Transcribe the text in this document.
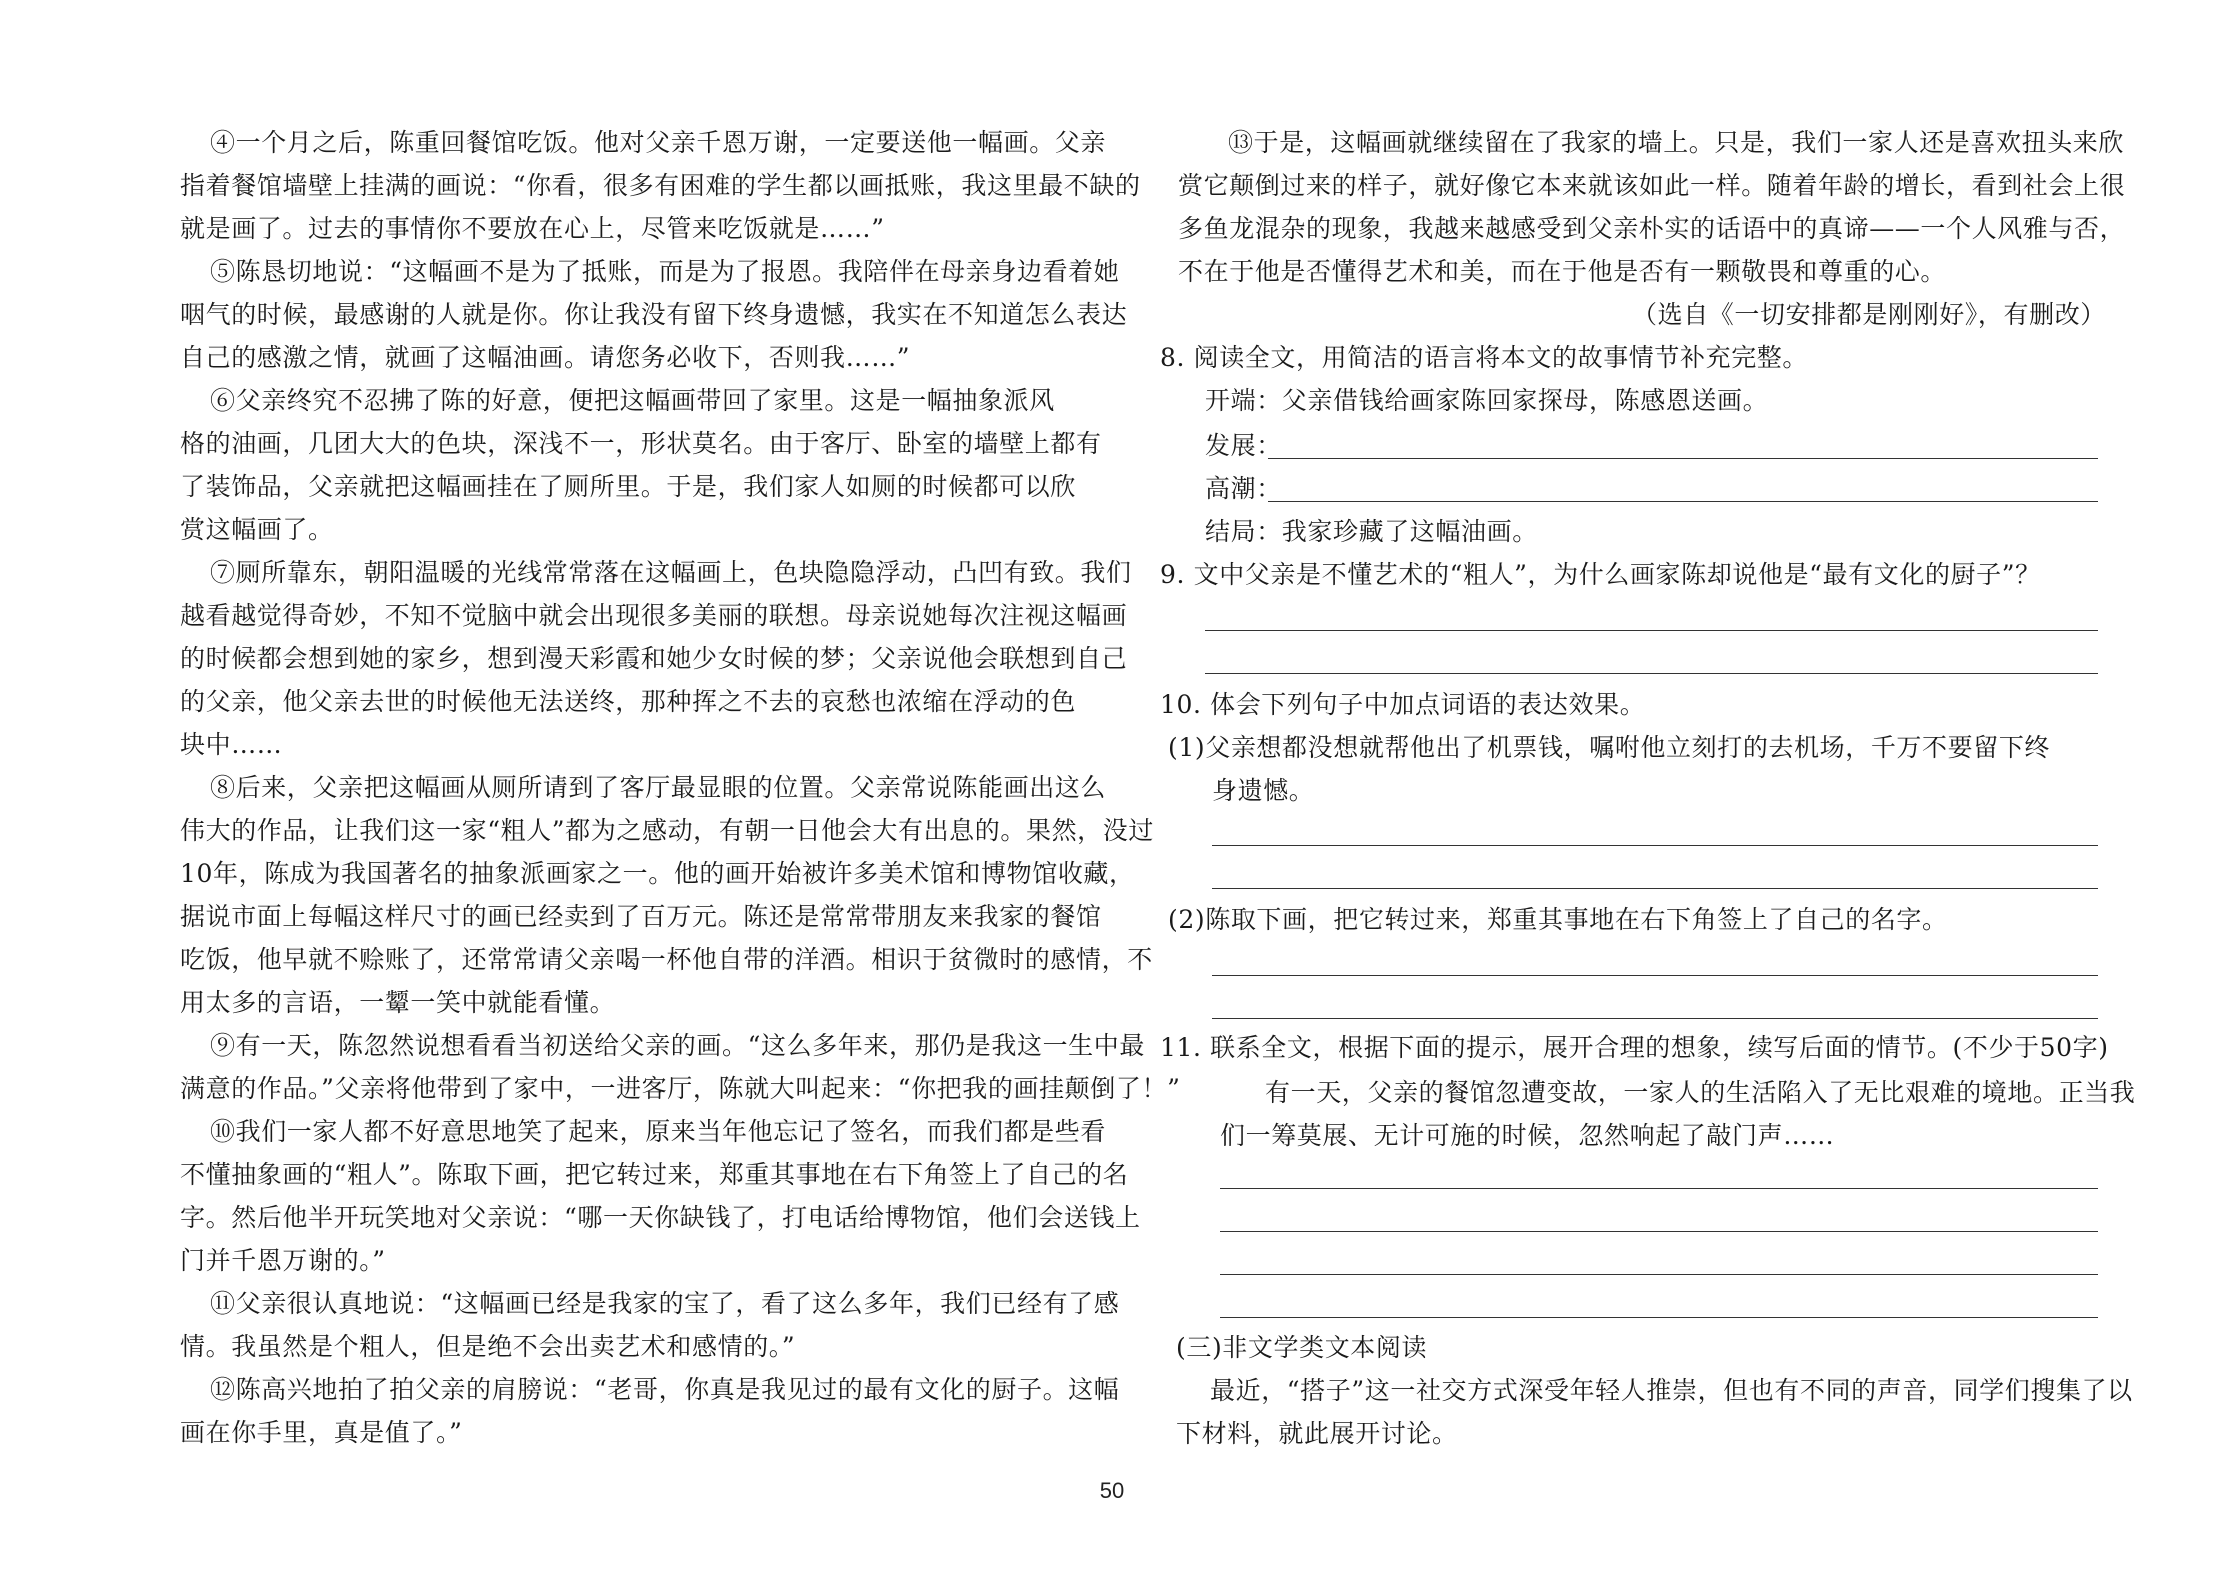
④一个月之后，陈重回餐馆吃饭。他对父亲千恩万谢，一定要送他一幅画。父亲
指着餐馆墙壁上挂满的画说：“你看，很多有困难的学生都以画抵账，我这里最不缺的
就是画了。过去的事情你不要放在心上，尽管来吃饭就是……”
⑤陈恳切地说：“这幅画不是为了抵账，而是为了报恩。我陪伴在母亲身边看着她
咽气的时候，最感谢的人就是你。你让我没有留下终身遗憾，我实在不知道怎么表达
自己的感激之情，就画了这幅油画。请您务必收下，否则我……”
⑥父亲终究不忍拂了陈的好意，便把这幅画带回了家里。这是一幅抽象派风
格的油画，几团大大的色块，深浅不一，形状莫名。由于客厅、卧室的墙壁上都有
了装饰品，父亲就把这幅画挂在了厕所里。于是，我们家人如厕的时候都可以欣
赏这幅画了。
⑦厕所靠东，朝阳温暖的光线常常落在这幅画上，色块隐隐浮动，凸凹有致。我们
越看越觉得奇妙，不知不觉脑中就会出现很多美丽的联想。母亲说她每次注视这幅画
的时候都会想到她的家乡，想到漫天彩霞和她少女时候的梦；父亲说他会联想到自己
的父亲，他父亲去世的时候他无法送终，那种挥之不去的哀愁也浓缩在浮动的色
块中……
⑧后来，父亲把这幅画从厕所请到了客厅最显眼的位置。父亲常说陈能画出这么
伟大的作品，让我们这一家“粗人”都为之感动，有朝一日他会大有出息的。果然，没过
10年，陈成为我国著名的抽象派画家之一。他的画开始被许多美术馆和博物馆收藏，
据说市面上每幅这样尺寸的画已经卖到了百万元。陈还是常常带朋友来我家的餐馆
吃饭，他早就不赊账了，还常常请父亲喝一杯他自带的洋酒。相识于贫微时的感情，不
用太多的言语，一颦一笑中就能看懂。
⑨有一天，陈忽然说想看看当初送给父亲的画。“这么多年来，那仍是我这一生中最
满意的作品。”父亲将他带到了家中，一进客厅，陈就大叫起来：“你把我的画挂颠倒了！”
⑩我们一家人都不好意思地笑了起来，原来当年他忘记了签名，而我们都是些看
不懂抽象画的“粗人”。陈取下画，把它转过来，郑重其事地在右下角签上了自己的名
字。然后他半开玩笑地对父亲说：“哪一天你缺钱了，打电话给博物馆，他们会送钱上
门并千恩万谢的。”
⑪父亲很认真地说：“这幅画已经是我家的宝了，看了这么多年，我们已经有了感
情。我虽然是个粗人，但是绝不会出卖艺术和感情的。”
⑫陈高兴地拍了拍父亲的肩膀说：“老哥，你真是我见过的最有文化的厨子。这幅
画在你手里，真是值了。”
⑬于是，这幅画就继续留在了我家的墙上。只是，我们一家人还是喜欢扭头来欣
赏它颠倒过来的样子，就好像它本来就该如此一样。随着年龄的增长，看到社会上很
多鱼龙混杂的现象，我越来越感受到父亲朴实的话语中的真谛——一个人风雅与否，
不在于他是否懂得艺术和美，而在于他是否有一颗敬畏和尊重的心。
（选自《一切安排都是刚刚好》，有删改）
8. 阅读全文，用简洁的语言将本文的故事情节补充完整。
开端：父亲借钱给画家陈回家探母，陈感恩送画。
发展：
高潮：
结局：我家珍藏了这幅油画。
9. 文中父亲是不懂艺术的“粗人”，为什么画家陈却说他是“最有文化的厨子”？
10. 体会下列句子中加点词语的表达效果。
(1)父亲想都没想就帮他出了机票钱，嘱咐他立刻打的去机场，千万不要留下终
身遗憾。
(2)陈取下画，把它转过来，郑重其事地在右下角签上了自己的名字。
11. 联系全文，根据下面的提示，展开合理的想象，续写后面的情节。(不少于50字)
有一天，父亲的餐馆忽遭变故，一家人的生活陷入了无比艰难的境地。正当我
们一筹莫展、无计可施的时候，忽然响起了敲门声……
(三)非文学类文本阅读
最近，“搭子”这一社交方式深受年轻人推崇，但也有不同的声音，同学们搜集了以
下材料，就此展开讨论。
50
